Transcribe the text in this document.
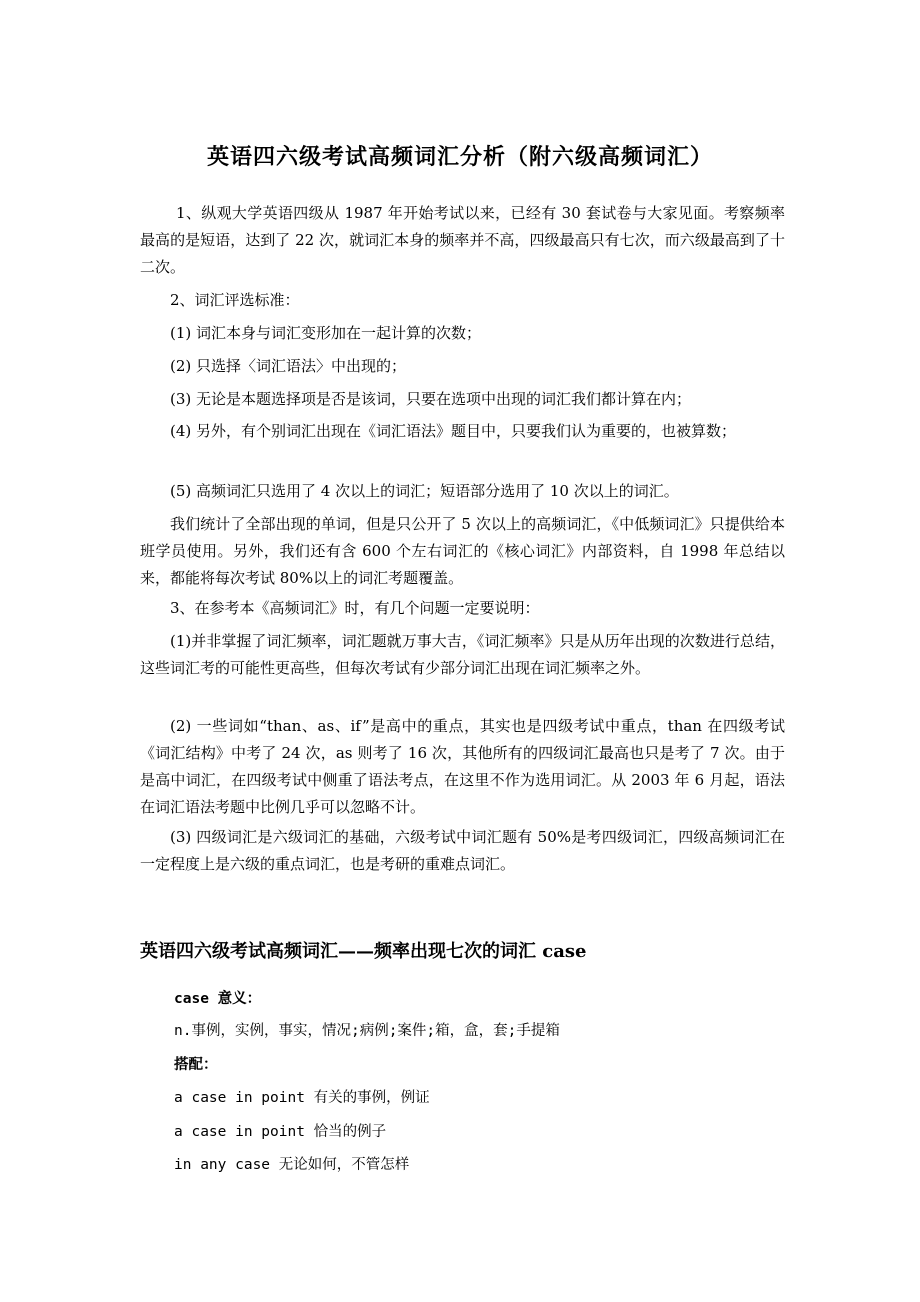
英语四六级考试高频词汇分析（附六级高频词汇）

1、纵观大学英语四级从 1987 年开始考试以来，已经有 30 套试卷与大家见面。考察频率最高的是短语，达到了 22 次，就词汇本身的频率并不高，四级最高只有七次，而六级最高到了十二次。

2、词汇评选标准：

(1) 词汇本身与词汇变形加在一起计算的次数；

(2) 只选择〈词汇语法〉中出现的；

(3) 无论是本题选择项是否是该词，只要在选项中出现的词汇我们都计算在内；

(4) 另外，有个别词汇出现在《词汇语法》题目中，只要我们认为重要的，也被算数；

(5) 高频词汇只选用了 4 次以上的词汇；短语部分选用了 10 次以上的词汇。

我们统计了全部出现的单词，但是只公开了 5 次以上的高频词汇，《中低频词汇》只提供给本班学员使用。另外，我们还有含 600 个左右词汇的《核心词汇》内部资料，自 1998 年总结以来，都能将每次考试 80%以上的词汇考题覆盖。

3、在参考本《高频词汇》时，有几个问题一定要说明：

(1)并非掌握了词汇频率，词汇题就万事大吉，《词汇频率》只是从历年出现的次数进行总结，这些词汇考的可能性更高些，但每次考试有少部分词汇出现在词汇频率之外。

(2) 一些词如“than、as、if”是高中的重点，其实也是四级考试中重点，than 在四级考试《词汇结构》中考了 24 次，as 则考了 16 次，其他所有的四级词汇最高也只是考了 7 次。由于是高中词汇，在四级考试中侧重了语法考点，在这里不作为选用词汇。从 2003 年 6 月起，语法在词汇语法考题中比例几乎可以忽略不计。

(3) 四级词汇是六级词汇的基础，六级考试中词汇题有 50%是考四级词汇，四级高频词汇在一定程度上是六级的重点词汇，也是考研的重难点词汇。

英语四六级考试高频词汇——频率出现七次的词汇 case

case 意义：

n.事例，实例，事实，情况;病例;案件;箱，盒，套;手提箱

搭配：

a case in point 有关的事例，例证

a case in point 恰当的例子

in any case 无论如何，不管怎样
